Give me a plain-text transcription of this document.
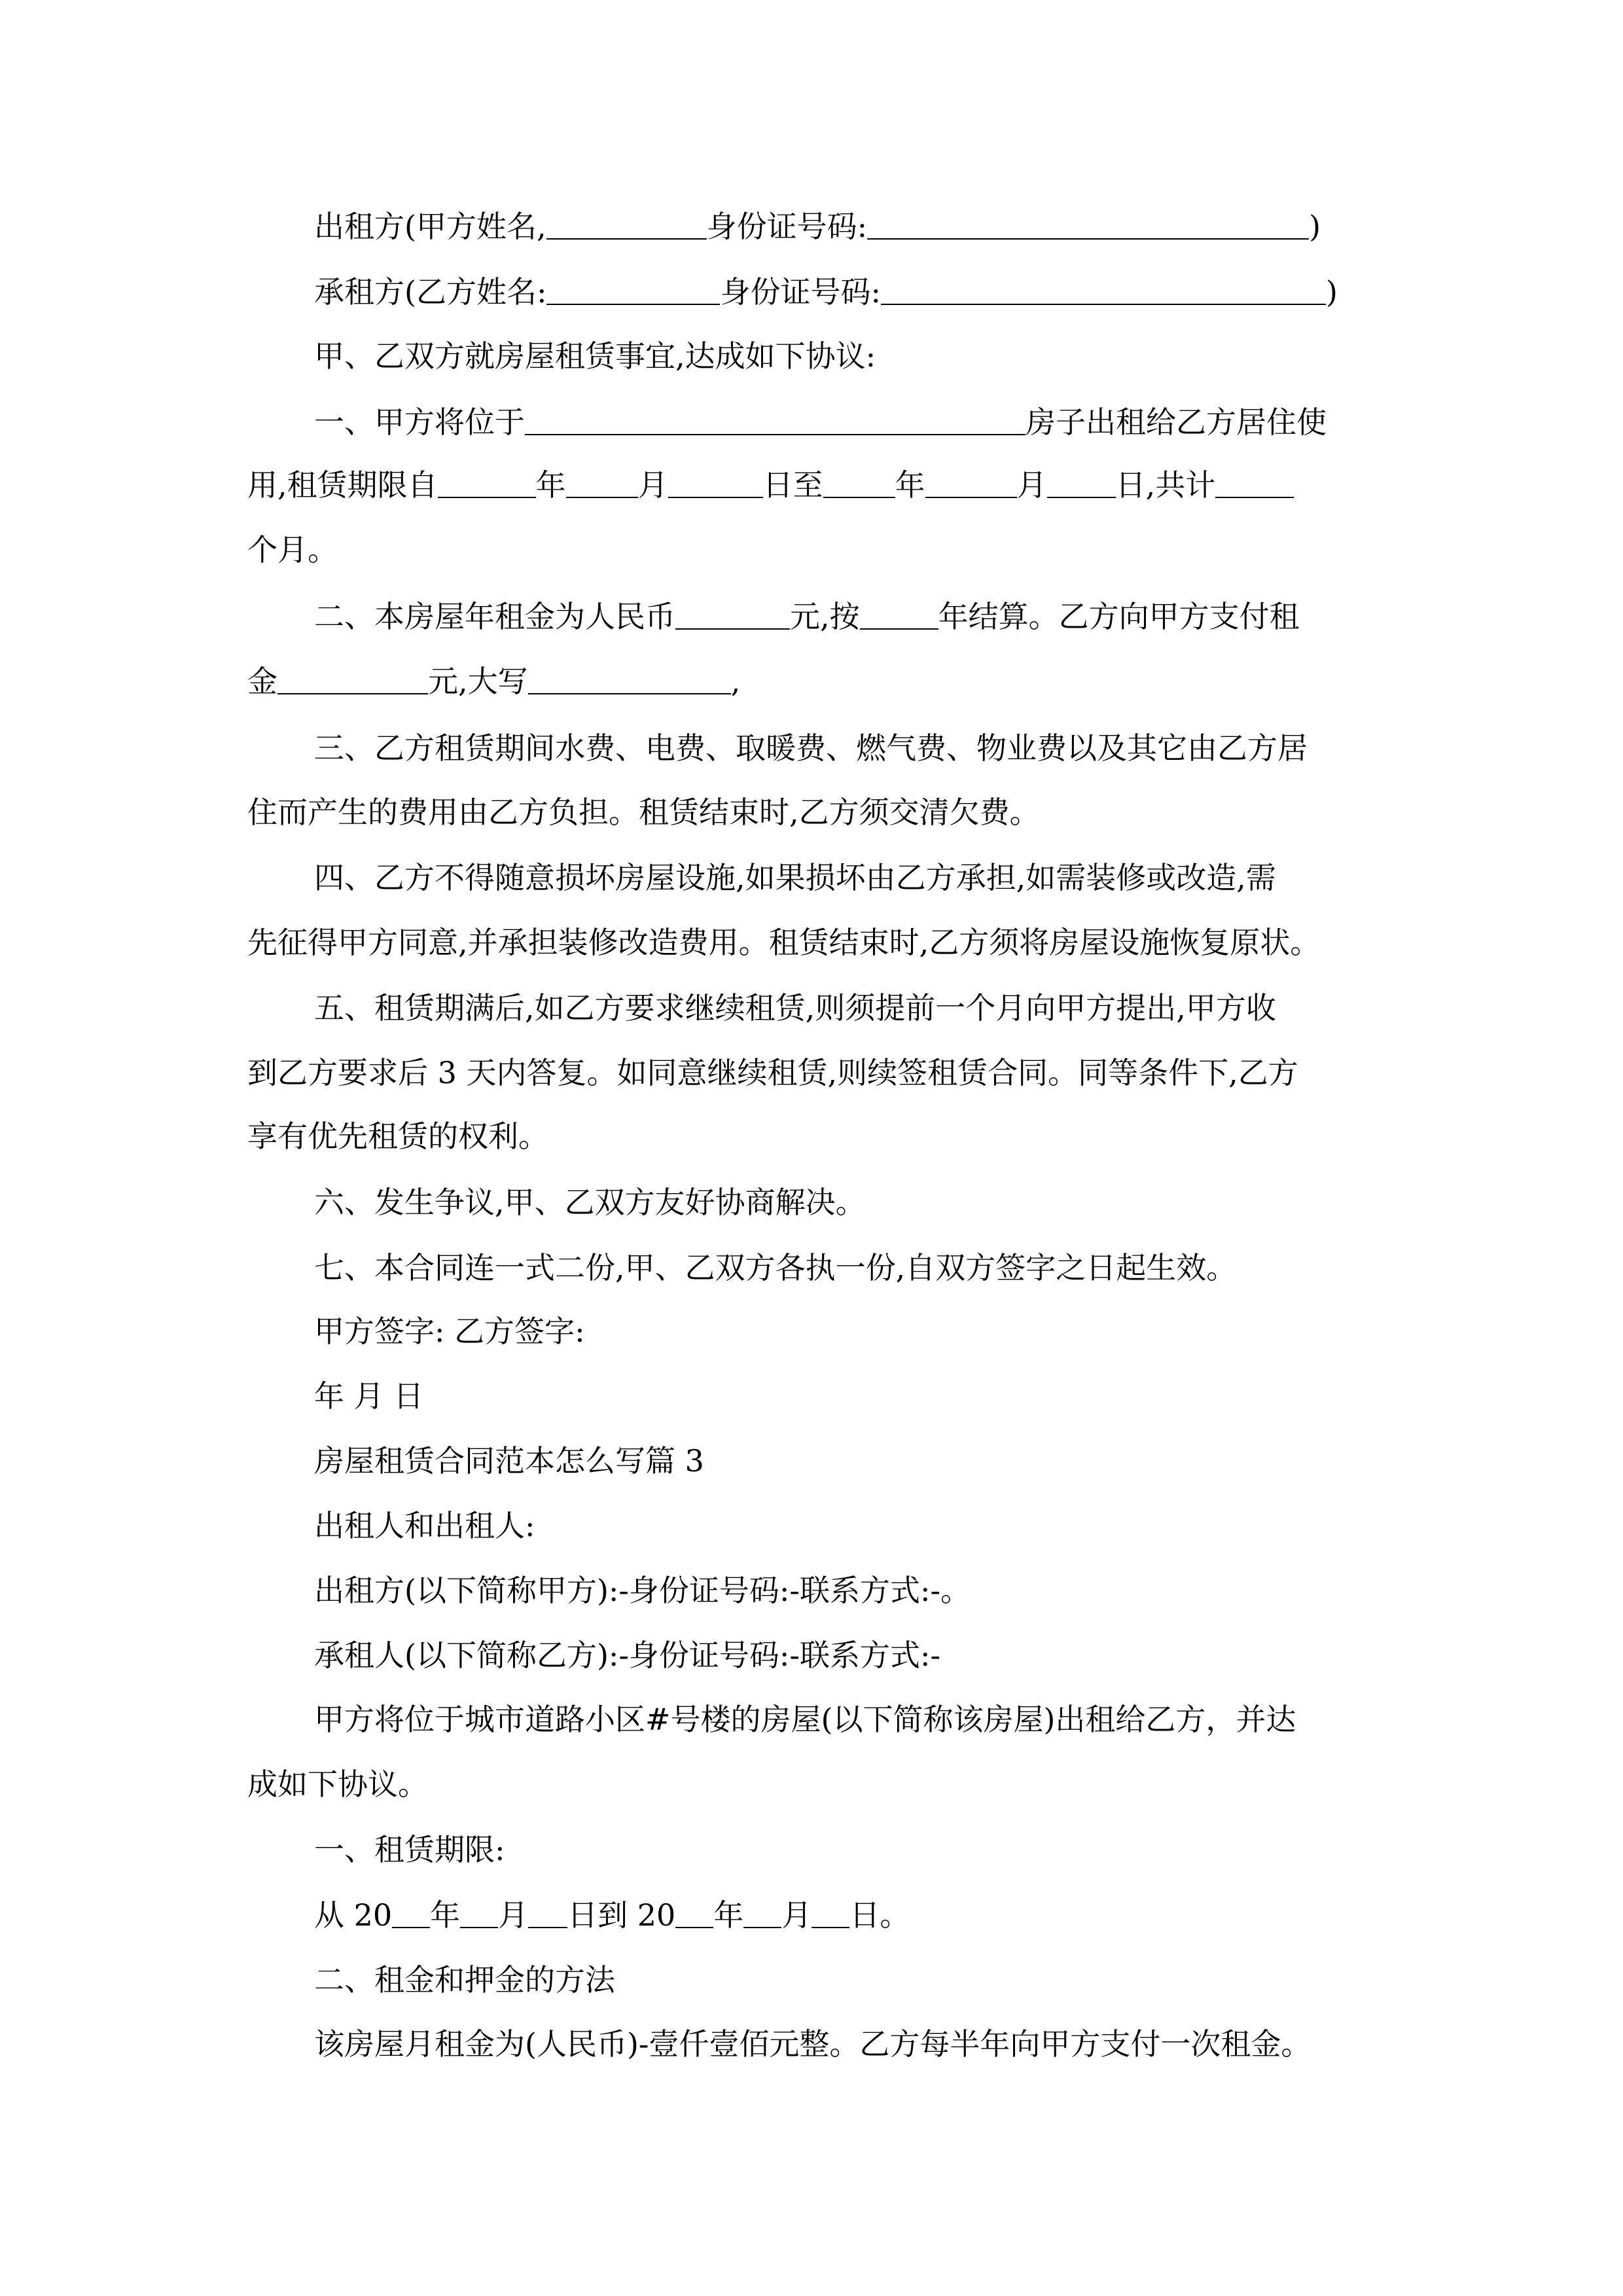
出租方(甲方姓名,	身份证号码:	)
承租方(乙方姓名:	身份证号码:	)
甲、乙双方就房屋租赁事宜,达成如下协议:
一、甲方将位于	房子出租给乙方居住使
用,租赁期限自	年 月	日至 年	月 日,共计
个月。
二、本房屋年租金为人民币	元,按	年结算。乙方向甲方支付租
金	元,大写	,
三、乙方租赁期间水费、电费、取暖费、燃气费、物业费以及其它由乙方居
住而产生的费用由乙方负担。租赁结束时,乙方须交清欠费。
四、乙方不得随意损坏房屋设施,如果损坏由乙方承担,如需装修或改造,需
先征得甲方同意,并承担装修改造费用。租赁结束时,乙方须将房屋设施恢复原状。
五、租赁期满后,如乙方要求继续租赁,则须提前一个月向甲方提出,甲方收
到乙方要求后 3 天内答复。如同意继续租赁,则续签租赁合同。同等条件下,乙方
享有优先租赁的权利。
六、发生争议,甲、乙双方友好协商解决。
七、本合同连一式二份,甲、乙双方各执一份,自双方签字之日起生效。
甲方签字: 乙方签字:
年 月 日
房屋租赁合同范本怎么写篇 3
出租人和出租人:
出租方(以下简称甲方):-身份证号码:-联系方式:-。
承租人(以下简称乙方):-身份证号码:-联系方式:-
甲方将位于城市道路小区#号楼的房屋(以下简称该房屋)出租给乙方，并达
成如下协议。
一、租赁期限:
从 20 年 月 日到 20 年 月 日。
二、租金和押金的方法
该房屋月租金为(人民币)-壹仟壹佰元整。乙方每半年向甲方支付一次租金。
